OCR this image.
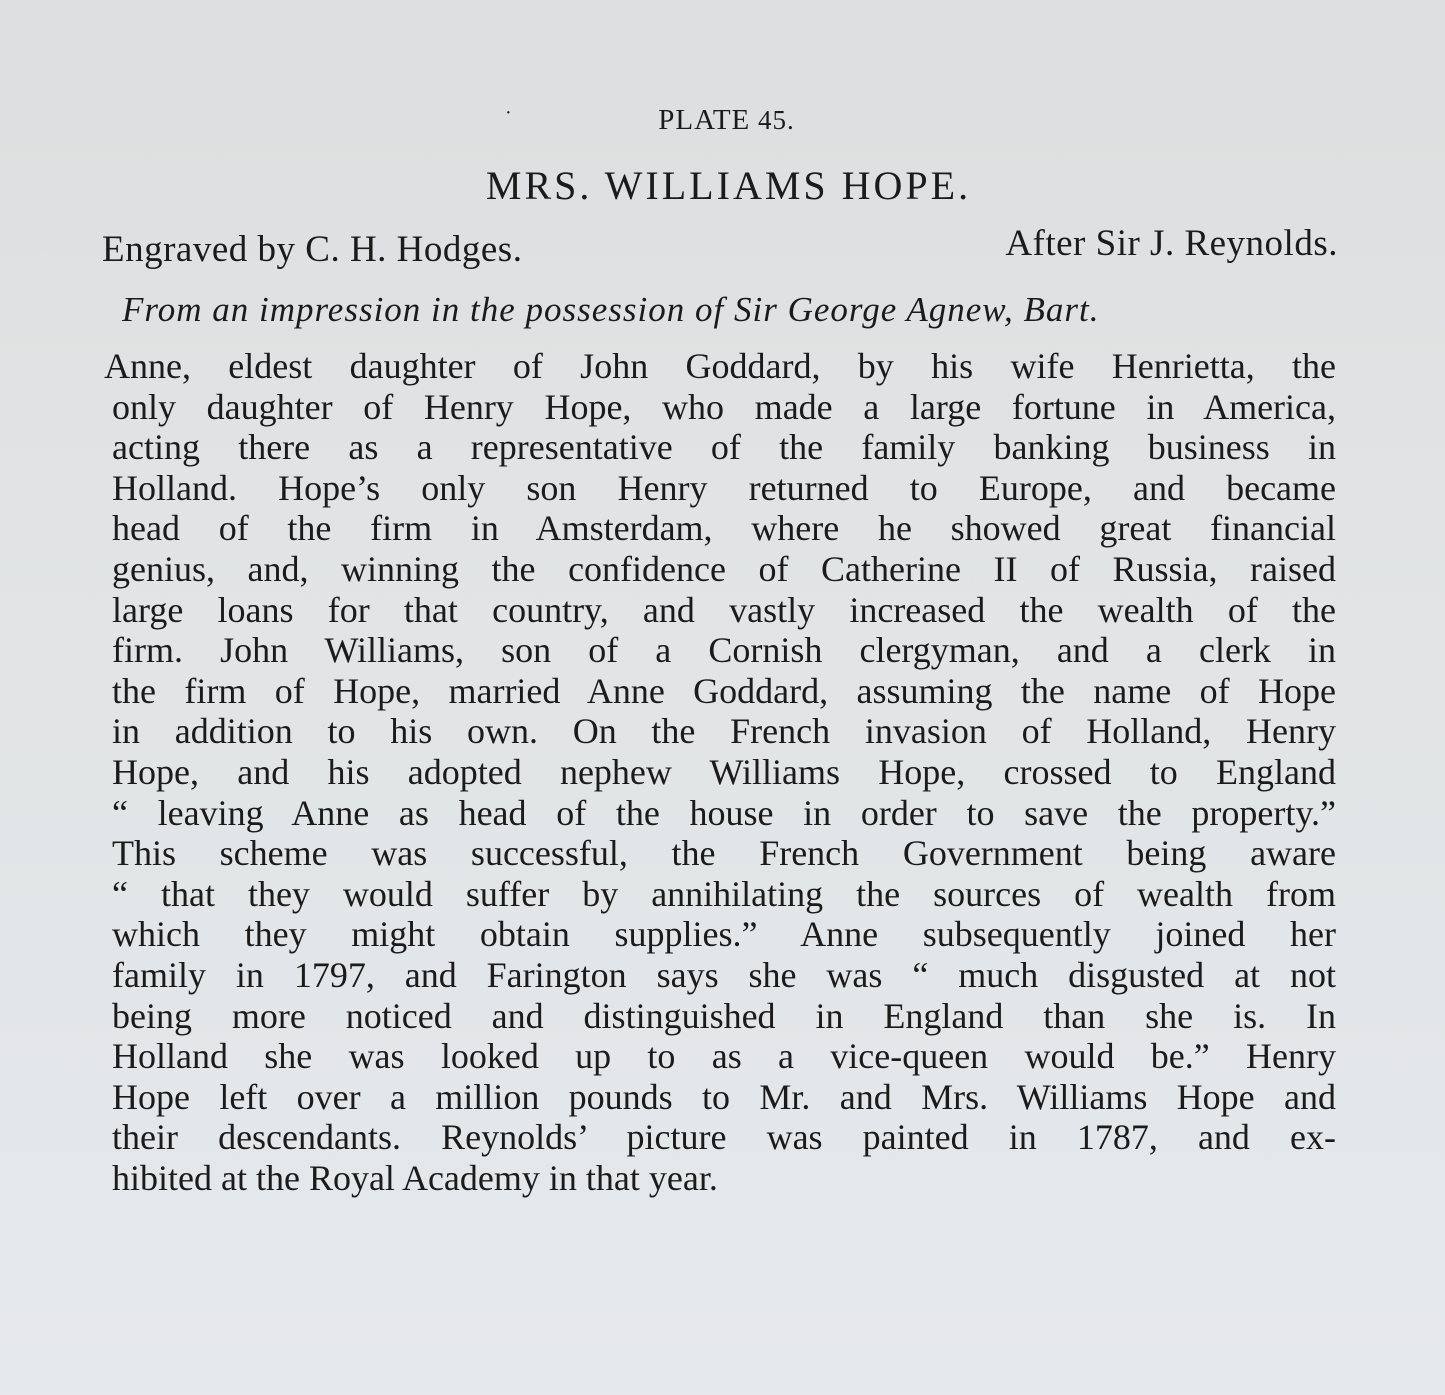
·	PLATE 45.
MRS. WILLIAMS HOPE.
Engraved by C. H. Hodges.	After Sir J. Reynolds.
From an impression in the possession of Sir George Agnew, Bart.
Anne, eldest daughter of John Goddard, by his wife Henrietta, the
only daughter of Henry Hope, who made a large fortune in America,
acting there as a representative of the family banking business in
Holland. Hope’s only son Henry returned to Europe, and became
head of the firm in Amsterdam, where he showed great financial
genius, and, winning the confidence of Catherine II of Russia, raised
large loans for that country, and vastly increased the wealth of the
firm. John Williams, son of a Cornish clergyman, and a clerk in
the firm of Hope, married Anne Goddard, assuming the name of Hope
in addition to his own. On the French invasion of Holland, Henry
Hope, and his adopted nephew Williams Hope, crossed to England
“ leaving Anne as head of the house in order to save the property.”
This scheme was successful, the French Government being aware
“ that they would suffer by annihilating the sources of wealth from
which they might obtain supplies.” Anne subsequently joined her
family in 1797, and Farington says she was “ much disgusted at not
being more noticed and distinguished in England than she is. In
Holland she was looked up to as a vice-queen would be.” Henry
Hope left over a million pounds to Mr. and Mrs. Williams Hope and
their descendants. Reynolds’ picture was painted in 1787, and ex-
hibited at the Royal Academy in that year.
